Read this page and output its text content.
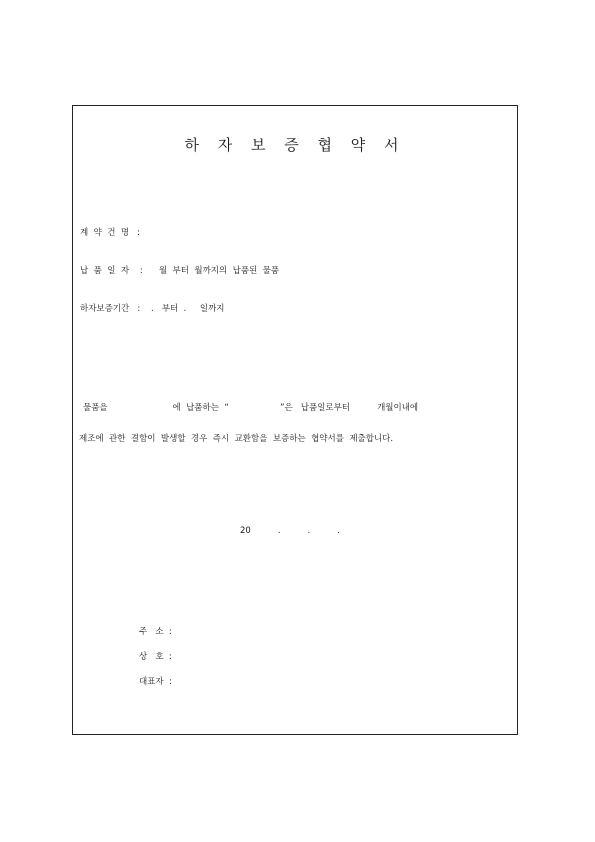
하 자 보 증 협 약 서
계  약  건  명   :
납  품  일  자    :      월  부터  월까지의  납품된  물품
하자보증기간   :    .   부터  .     일까지
물품을                        에  납품하는  “                   ”은   납품일로부터          개월이내에
제조에  관한  결함이  발생할  경우  즉시  교환함을  보증하는  협약서를  제출합니다.
20          .          .          .
주   소  :
상   호  :
대표자  :
